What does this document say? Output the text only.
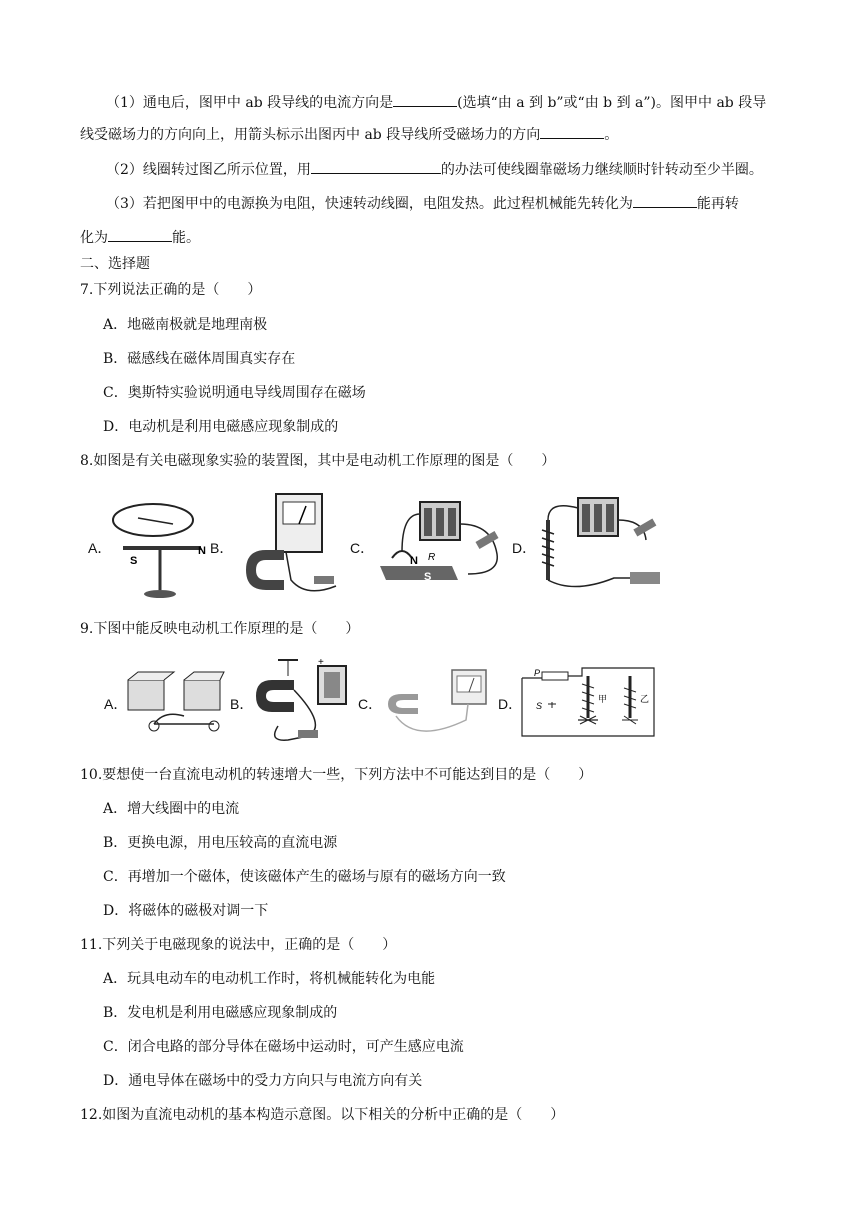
（1）通电后，图甲中 ab 段导线的电流方向是	(选填“由 a 到 b”或“由 b 到 a”)。图甲中 ab 段导
线受磁场力的方向向上，用箭头标示出图丙中 ab 段导线所受磁场力的方向	。
（2）线圈转过图乙所示位置，用	的办法可使线圈靠磁场力继续顺时针转动至少半圈。
（3）若把图甲中的电源换为电阻，快速转动线圈，电阻发热。此过程机械能先转化为	能再转
化为	能。
二、选择题
7.下列说法正确的是（　　）
A．地磁南极就是地理南极
B．磁感线在磁体周围真实存在
C．奥斯特实验说明通电导线周围存在磁场
D．电动机是利用电磁感应现象制成的
8.如图是有关电磁现象实验的装置图，其中是电动机工作原理的图是（　　）
A．
S
N B．	C．
N R
S
D．
9.下图中能反映电动机工作原理的是（　　）
A．	B．
+
C．	D．
P
S
甲	乙
10.要想使一台直流电动机的转速增大一些，下列方法中不可能达到目的是（　　）
A．增大线圈中的电流
B．更换电源，用电压较高的直流电源
C．再增加一个磁体，使该磁体产生的磁场与原有的磁场方向一致
D．将磁体的磁极对调一下
11.下列关于电磁现象的说法中，正确的是（　　）
A．玩具电动车的电动机工作时，将机械能转化为电能
B．发电机是利用电磁感应现象制成的
C．闭合电路的部分导体在磁场中运动时，可产生感应电流
D．通电导体在磁场中的受力方向只与电流方向有关
12.如图为直流电动机的基本构造示意图。以下相关的分析中正确的是（　　）
